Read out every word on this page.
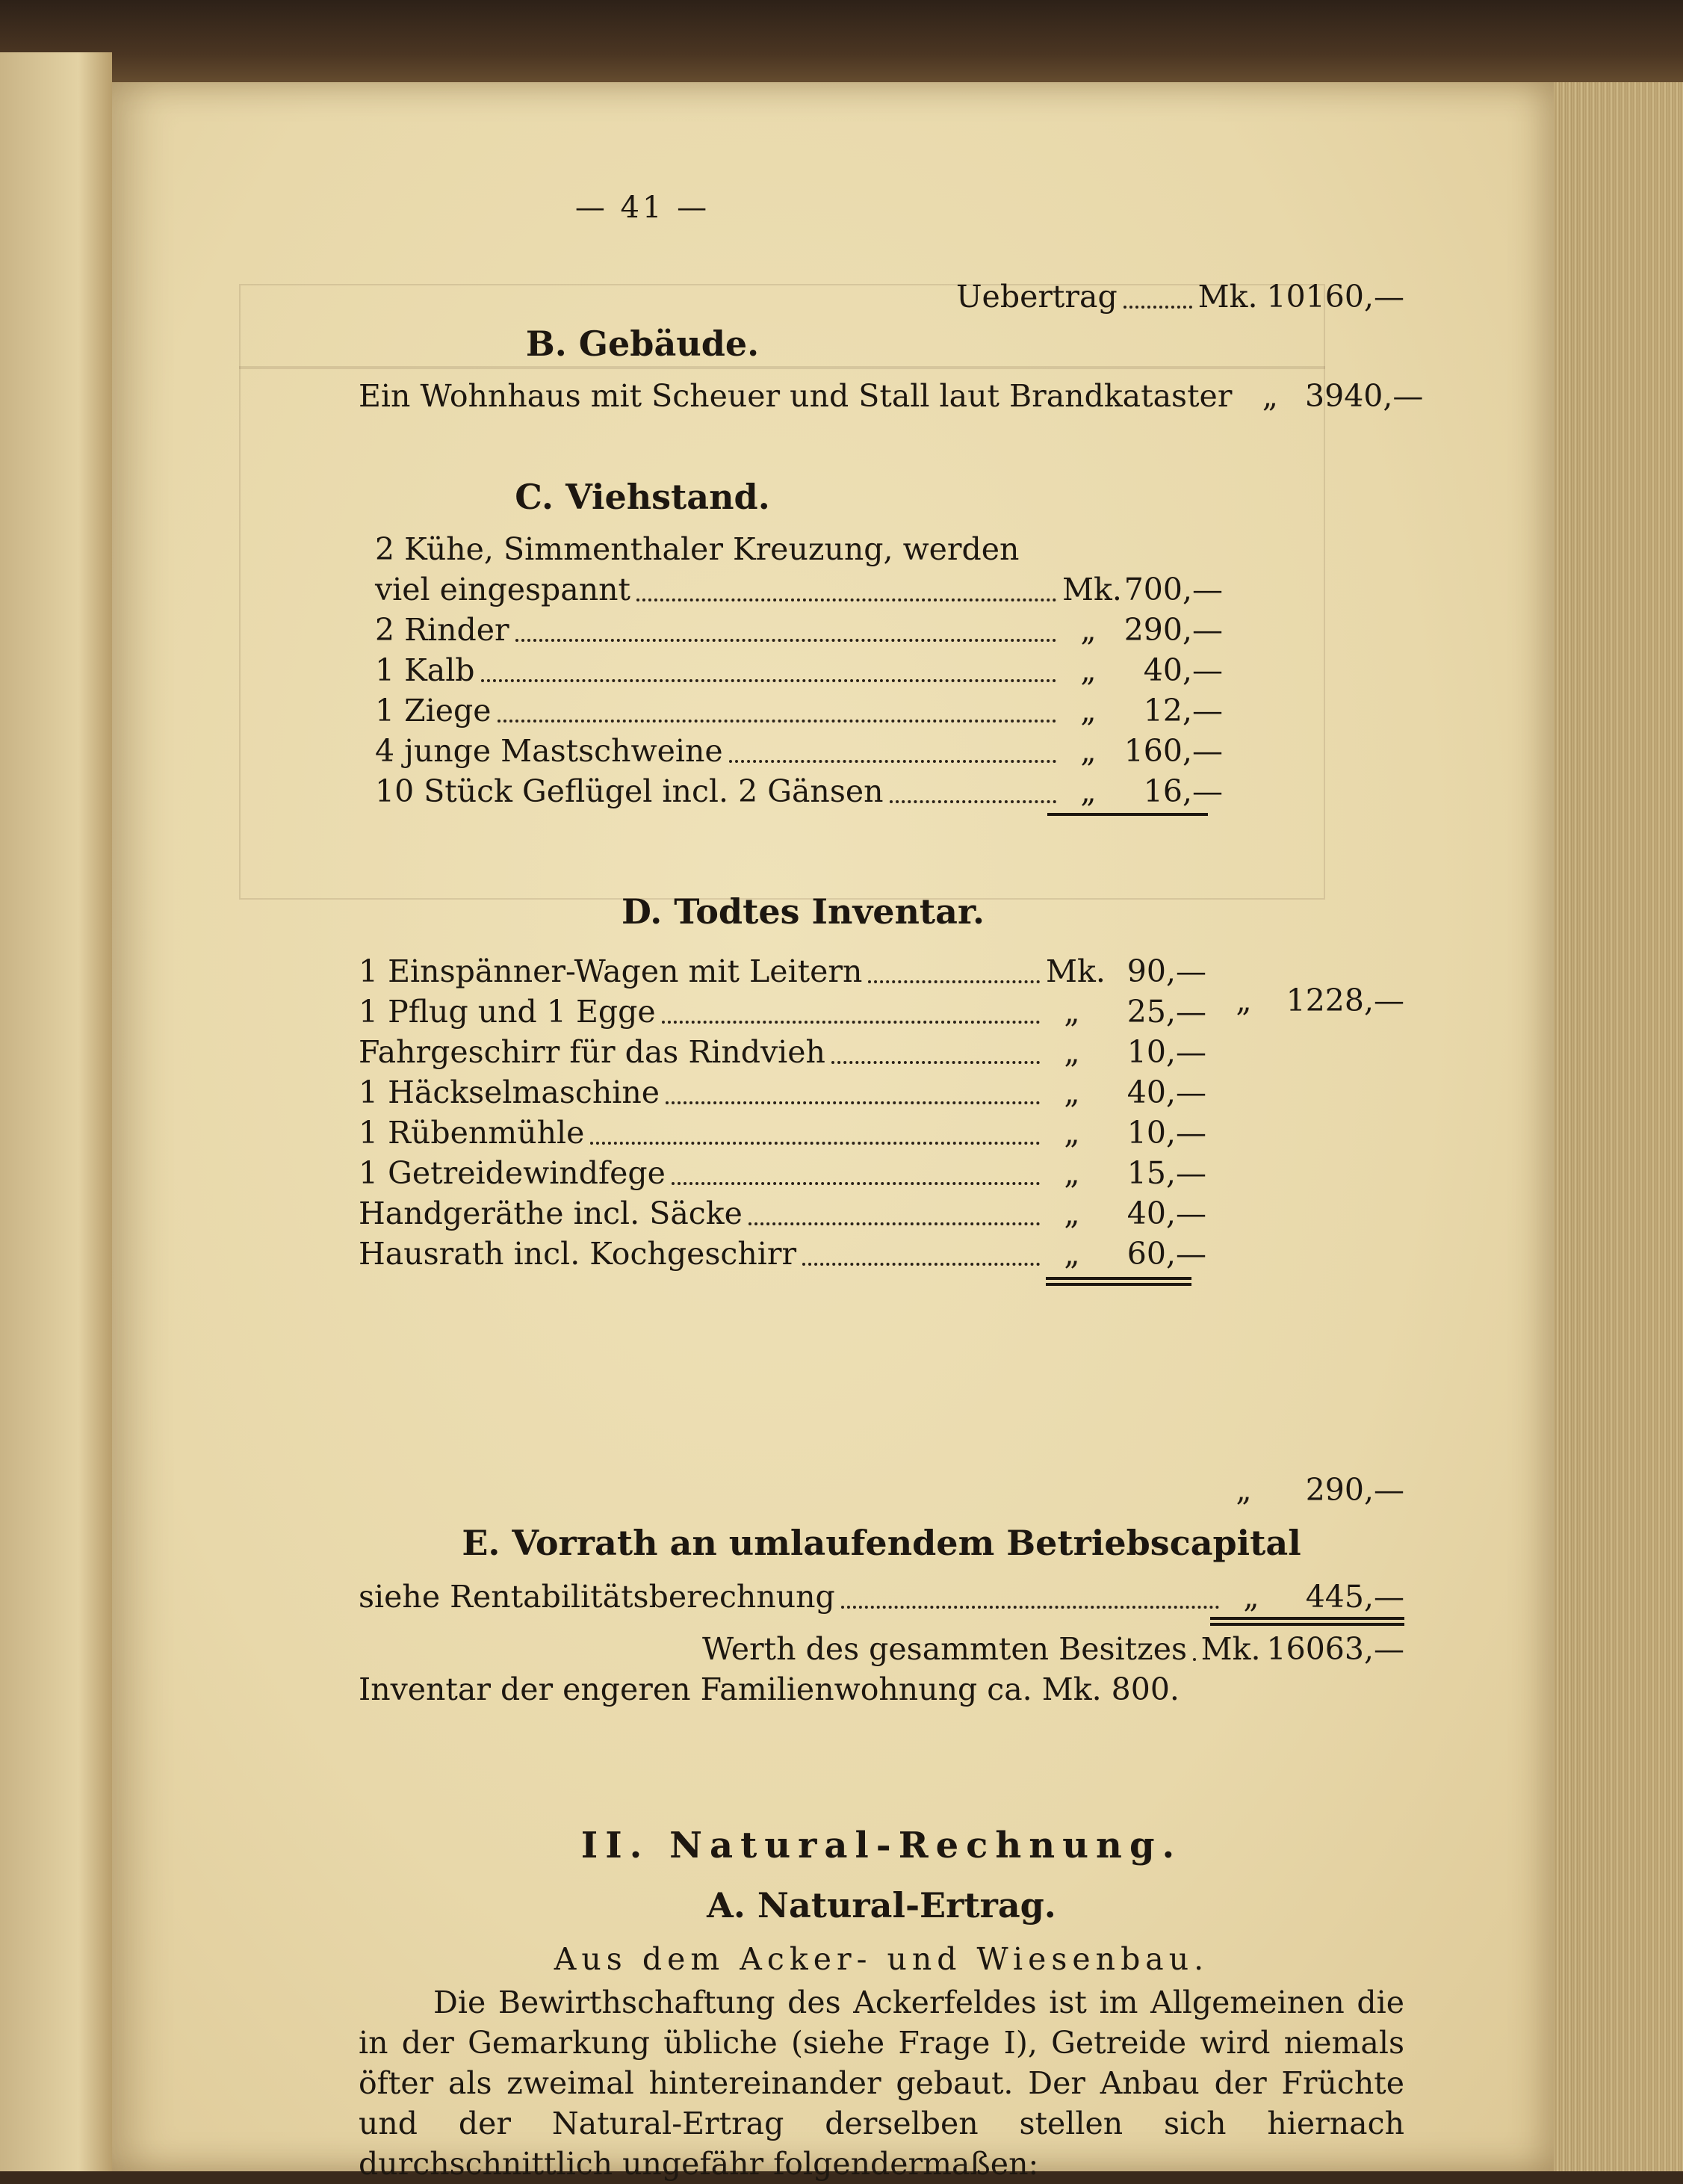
— 41 —
Uebertrag	Mk. 10160,—
B. Gebäude.
Ein Wohnhaus mit Scheuer und Stall laut Brandkataster „ 3940,—
C. Viehstand.
2 Kühe, Simmenthaler Kreuzung, werden
viel eingespannt	Mk. 700,—
2 Rinder	„ 290,—
1 Kalb	„	40,—
1 Ziege	„	12,—
4 junge Mastschweine	„ 160,—
10 Stück Geflügel incl. 2 Gänsen	„	16,—
„	1228,—
D. Todtes Inventar.
1 Einspänner-Wagen mit Leitern	Mk. 90,—
1 Pflug und 1 Egge	„	25,—
Fahrgeschirr für das Rindvieh	„	10,—
1 Häckselmaschine	„	40,—
1 Rübenmühle	„	10,—
1 Getreidewindfege	„	15,—
Handgeräthe incl. Säcke	„	40,—
Hausrath incl. Kochgeschirr	„	60,—
„	290,—
E. Vorrath an umlaufendem Betriebscapital
siehe Rentabilitätsberechnung	„	445,—
Werth des gesammten Besitzes Mk. 16063,—
Inventar der engeren Familienwohnung ca. Mk. 800.
II. Natural-Rechnung.
A. Natural-Ertrag.
Aus dem Acker- und Wiesenbau.
Die Bewirthschaftung des Ackerfeldes ist im Allgemeinen die in der Gemarkung übliche (siehe Frage I), Getreide wird niemals öfter als zweimal hintereinander gebaut. Der Anbau der Früchte und der Natural-Ertrag derselben stellen sich hiernach durchschnittlich ungefähr folgendermaßen:
